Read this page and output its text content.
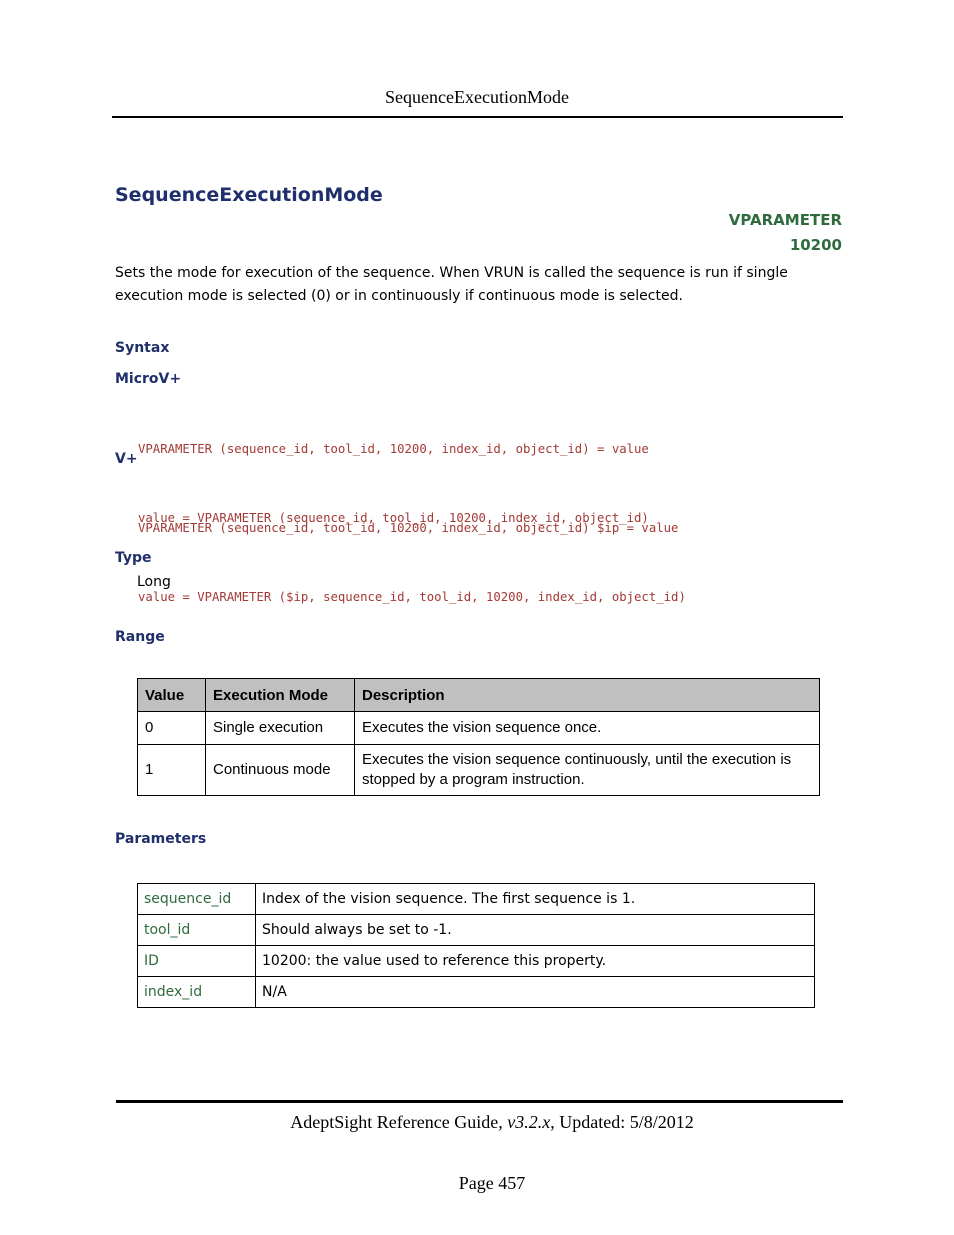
SequenceExecutionMode
SequenceExecutionMode
VPARAMETER
10200
Sets the mode for execution of the sequence. When VRUN is called the sequence is run if single execution mode is selected (0) or in continuously if continuous mode is selected.
Syntax
MicroV+

VPARAMETER (sequence_id, tool_id, 10200, index_id, object_id) = value

value = VPARAMETER (sequence_id, tool_id, 10200, index_id, object_id)

V+

VPARAMETER (sequence_id, tool_id, 10200, index_id, object_id) $ip = value

value = VPARAMETER ($ip, sequence_id, tool_id, 10200, index_id, object_id)

Type
Long
Range
Value	Execution Mode	Description
0	Single execution	Executes the vision sequence once.
1	Continuous mode	Executes the vision sequence continuously, until the execution is stopped by a program instruction.
Parameters
sequence_id	Index of the vision sequence. The first sequence is 1.
tool_id	Should always be set to -1.
ID	10200: the value used to reference this property.
index_id	N/A
AdeptSight Reference Guide, v3.2.x, Updated: 5/8/2012
Page 457
